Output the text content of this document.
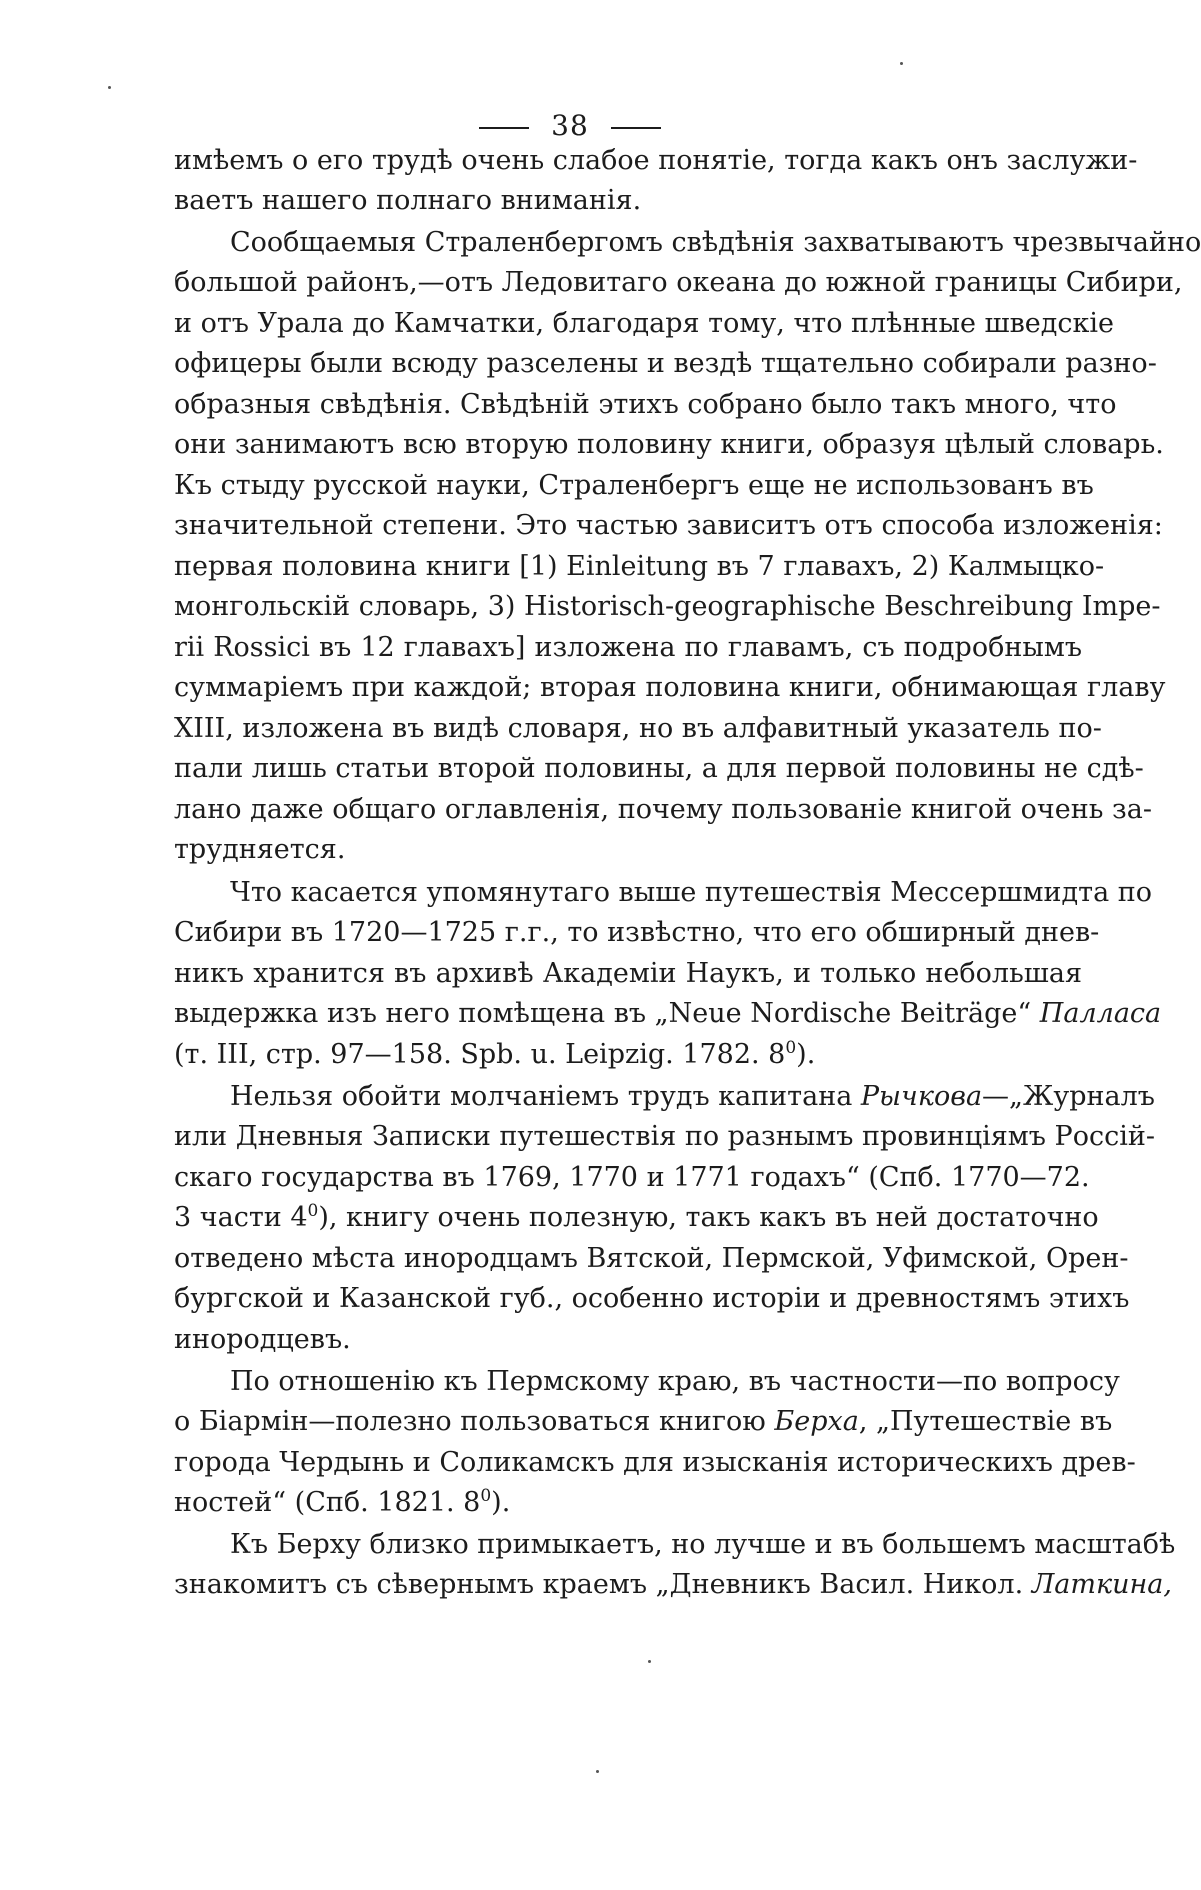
38
имѣемъ о его трудѣ очень слабое понятіе, тогда какъ онъ заслужи-
ваетъ нашего полнаго вниманія.
Сообщаемыя Страленбергомъ свѣдѣнія захватываютъ чрезвычайно
большой районъ,—отъ Ледовитаго океана до южной границы Сибири,
и отъ Урала до Камчатки, благодаря тому, что плѣнные шведскіе
офицеры были всюду разселены и вездѣ тщательно собирали разно-
образныя свѣдѣнія. Свѣдѣній этихъ собрано было такъ много, что
они занимаютъ всю вторую половину книги, образуя цѣлый словарь.
Къ стыду русской науки, Страленбергъ еще не использованъ въ
значительной степени. Это частью зависитъ отъ способа изложенія:
первая половина книги [1) Einleitung въ 7 главахъ, 2) Калмыцко-
монгольскій словарь, 3) Historisch-geographische Beschreibung Impe-
rii Rossici въ 12 главахъ] изложена по главамъ, съ подробнымъ
суммаріемъ при каждой; вторая половина книги, обнимающая главу
XIII, изложена въ видѣ словаря, но въ алфавитный указатель по-
пали лишь статьи второй половины, а для первой половины не сдѣ-
лано даже общаго оглавленія, почему пользованіе книгой очень за-
трудняется.
Что касается упомянутаго выше путешествія Мессершмидта по
Сибири въ 1720—1725 г.г., то извѣстно, что его обширный днев-
никъ хранится въ архивѣ Академіи Наукъ, и только небольшая
выдержка изъ него помѣщена въ „Neue Nordische Beiträge“ Палласа
(т. III, стр. 97—158. Spb. u. Leipzig. 1782. $8^0$).
Нельзя обойти молчаніемъ трудъ капитана Рычкова—„Журналъ
или Дневныя Записки путешествія по разнымъ провинціямъ Россій-
скаго государства въ 1769, 1770 и 1771 годахъ“ (Спб. 1770—72.
3 части $4^0$), книгу очень полезную, такъ какъ въ ней достаточно
отведено мѣста инородцамъ Вятской, Пермской, Уфимской, Орен-
бургской и Казанской губ., особенно исторіи и древностямъ этихъ
инородцевъ.
По отношенію къ Пермскому краю, въ частности—по вопросу
о Біармін—полезно пользоваться книгою Берха, „Путешествіе въ
города Чердынь и Соликамскъ для изысканія историческихъ древ-
ностей“ (Спб. 1821. $8^0$).
Къ Берху близко примыкаетъ, но лучше и въ большемъ масштабѣ
знакомитъ съ сѣвернымъ краемъ „Дневникъ Васил. Никол. Латкина,
